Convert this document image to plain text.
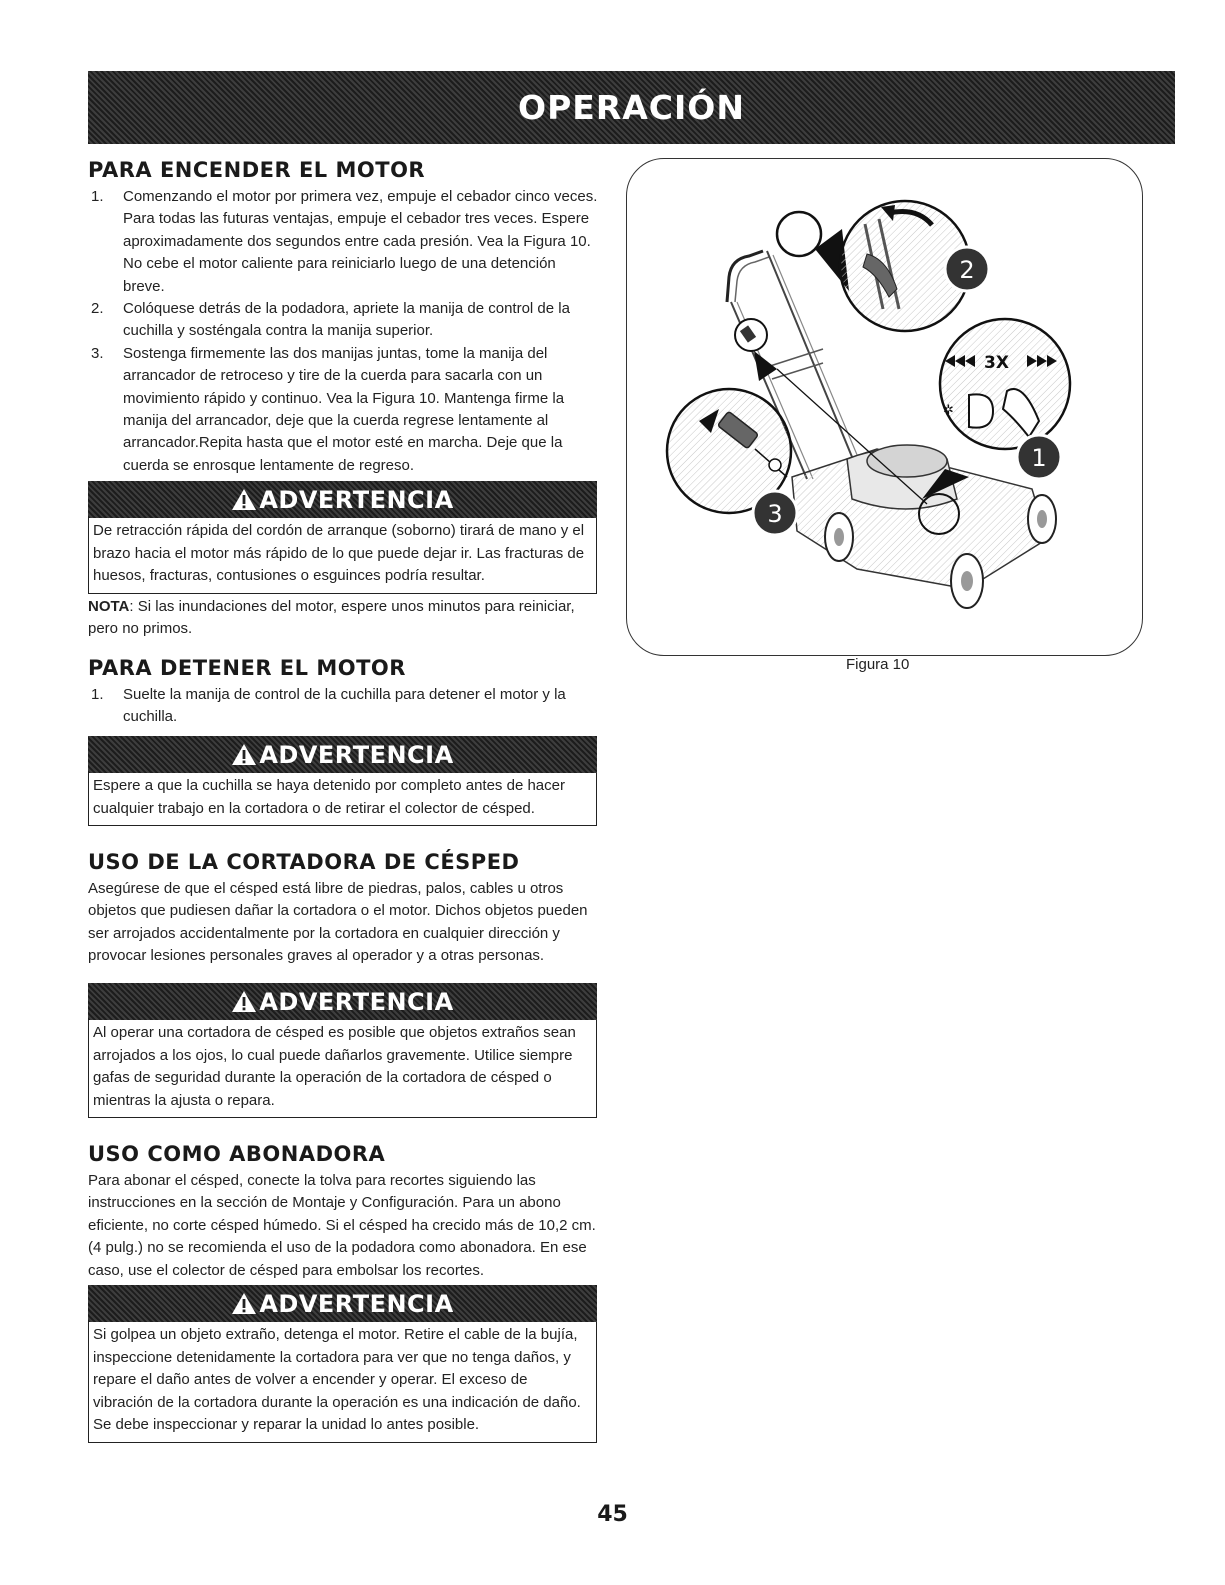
OPERACIÓN
PARA ENCENDER EL MOTOR
1. Comenzando el motor por primera vez, empuje el cebador cinco veces. Para todas las futuras ventajas, empuje el cebador tres veces. Espere aproximadamente dos segundos entre cada presión. Vea la Figura 10. No cebe el motor caliente para reiniciarlo luego de una detención breve.
2. Colóquese detrás de la podadora, apriete la manija de control de la cuchilla y sosténgala contra la manija superior.
3. Sostenga firmemente las dos manijas juntas, tome la manija del arrancador de retroceso y tire de la cuerda para sacarla con un movimiento rápido y continuo. Vea la Figura 10. Mantenga firme la manija del arrancador, deje que la cuerda regrese lentamente al arrancador.Repita hasta que el motor esté en marcha. Deje que la cuerda se enrosque lentamente de regreso.
ADVERTENCIA
De retracción rápida del cordón de arranque (soborno) tirará de mano y el brazo hacia el motor más rápido de lo que puede dejar ir. Las fracturas de huesos, fracturas, contusiones o esguinces podría resultar.

NOTA: Si las inundaciones del motor, espere unos minutos para reiniciar, pero no primos.

PARA DETENER EL MOTOR
1. Suelte la manija de control de la cuchilla para detener el motor y la cuchilla.
ADVERTENCIA
Espere a que la cuchilla se haya detenido por completo antes de hacer cualquier trabajo en la cortadora o de retirar el colector de césped.
USO DE LA CORTADORA DE CÉSPED

Asegúrese de que el césped está libre de piedras, palos, cables u otros objetos que pudiesen dañar la cortadora o el motor. Dichos objetos pueden ser arrojados accidentalmente por la cortadora en cualquier dirección y provocar lesiones personales graves al operador y a otras personas.

ADVERTENCIA
Al operar una cortadora de césped es posible que objetos extraños sean arrojados a los ojos, lo cual puede dañarlos gravemente. Utilice siempre gafas de seguridad durante la operación de la cortadora de césped o mientras la ajusta o repara.
USO COMO ABONADORA

Para abonar el césped, conecte la tolva para recortes siguiendo las instrucciones en la sección de Montaje y Configuración. Para un abono eficiente, no corte césped húmedo. Si el césped ha crecido más de 10,2 cm. (4 pulg.) no se recomienda el uso de la podadora como abonadora. En ese caso, use el colector de césped para embolsar los recortes.

ADVERTENCIA
Si golpea un objeto extraño, detenga el motor. Retire el cable de la bujía, inspeccione detenidamente la cortadora para ver que no tenga daños, y repare el daño antes de volver a encender y operar. El exceso de vibración de la cortadora durante la operación es una indicación de daño. Se debe inspeccionar y reparar la unidad lo antes posible.
3X
✲
2
1
3
Figura 10
45
